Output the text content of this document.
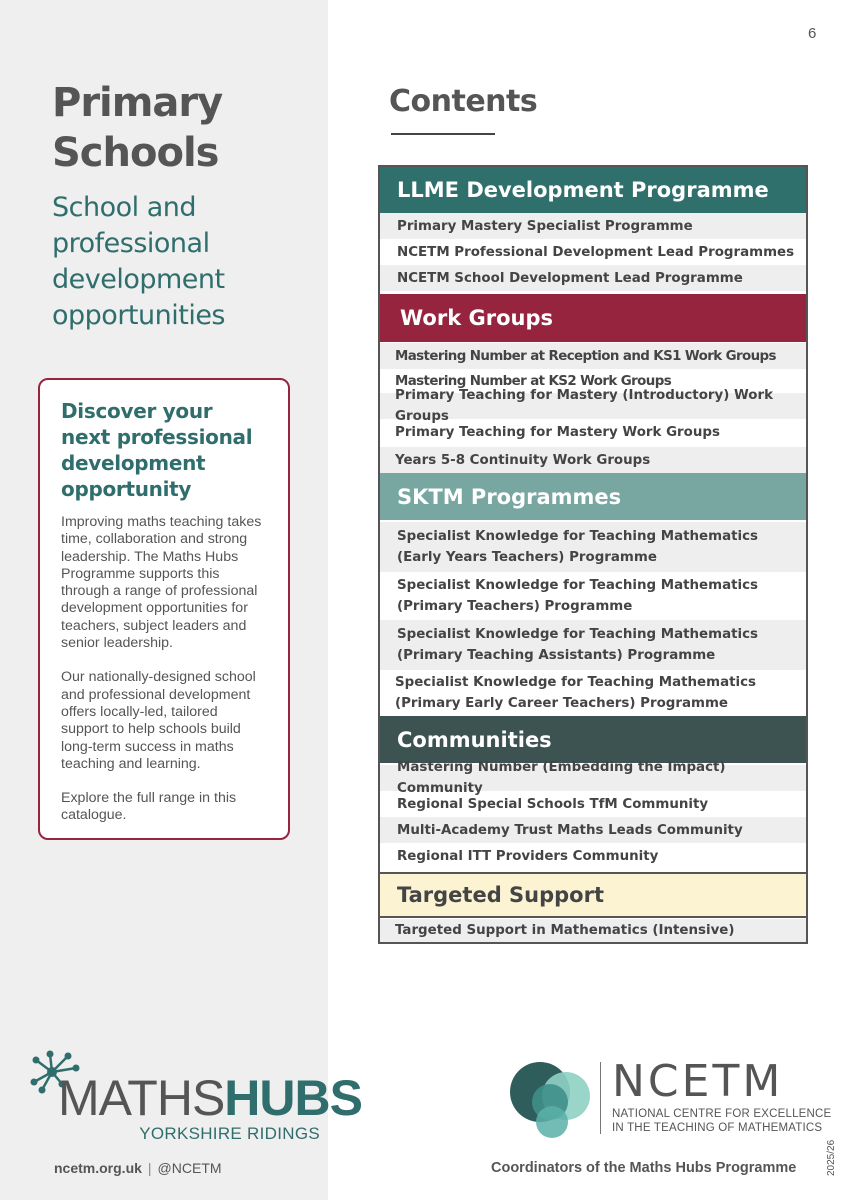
Primary
Schools
School and professional development opportunities
Discover your next professional development opportunity

Improving maths teaching takes time, collaboration and strong leadership. The Maths Hubs Programme supports this through a range of professional development opportunities for teachers, subject leaders and senior leadership.

Our nationally-designed school and professional development offers locally-led, tailored support to help schools build long-term success in maths teaching and learning.

Explore the full range in this catalogue.

MATHSHUBS
YORKSHIRE RIDINGS
ncetm.org.uk | @NCETM
6
Contents
LLME Development Programme
Primary Mastery Specialist Programme
NCETM Professional Development Lead Programmes
NCETM School Development Lead Programme
Work Groups
Mastering Number at Reception and KS1 Work Groups
Mastering Number at KS2 Work Groups
Primary Teaching for Mastery (Introductory) Work Groups
Primary Teaching for Mastery Work Groups
Years 5-8 Continuity Work Groups
SKTM Programmes
Specialist Knowledge for Teaching Mathematics
(Early Years Teachers) Programme
Specialist Knowledge for Teaching Mathematics
(Primary Teachers) Programme
Specialist Knowledge for Teaching Mathematics
(Primary Teaching Assistants) Programme
Specialist Knowledge for Teaching Mathematics
(Primary Early Career Teachers) Programme
Communities
Mastering Number (Embedding the Impact) Community
Regional Special Schools TfM Community
Multi-Academy Trust Maths Leads Community
Regional ITT Providers Community
Targeted Support
Targeted Support in Mathematics (Intensive)
NCETM
NATIONAL CENTRE FOR EXCELLENCE
IN THE TEACHING OF MATHEMATICS
Coordinators of the Maths Hubs Programme	2025/26
